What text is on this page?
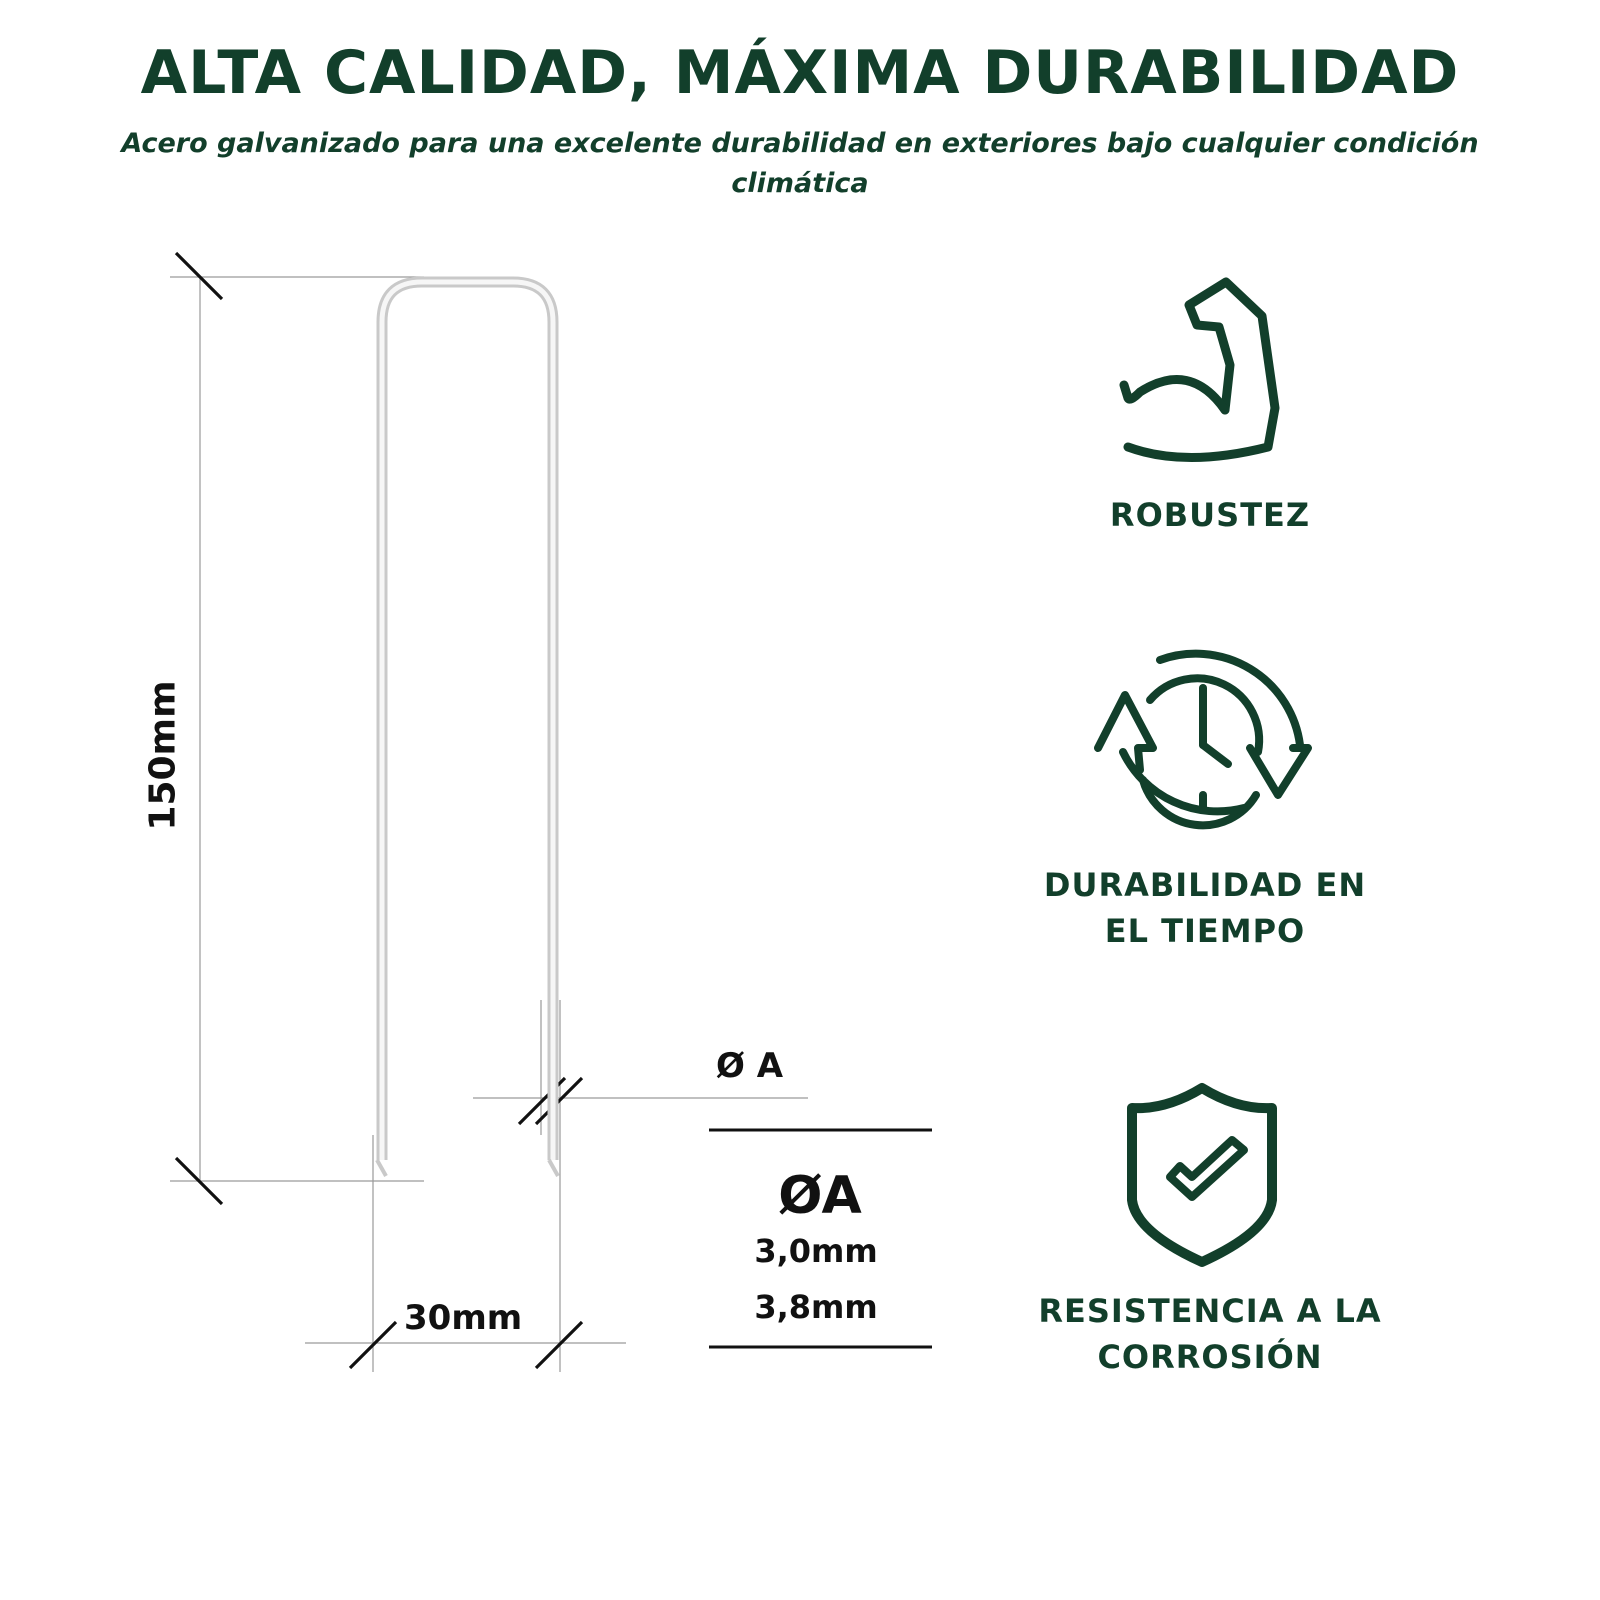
ALTA CALIDAD, MÁXIMA DURABILIDAD

Acero galvanizado para una excelente durabilidad en exteriores bajo cualquier condición climática

150mm
30mm
Ø A
ØA
3,0mm
3,8mm
ROBUSTEZ
DURABILIDAD EN EL TIEMPO
RESISTENCIA A LA CORROSIÓN
